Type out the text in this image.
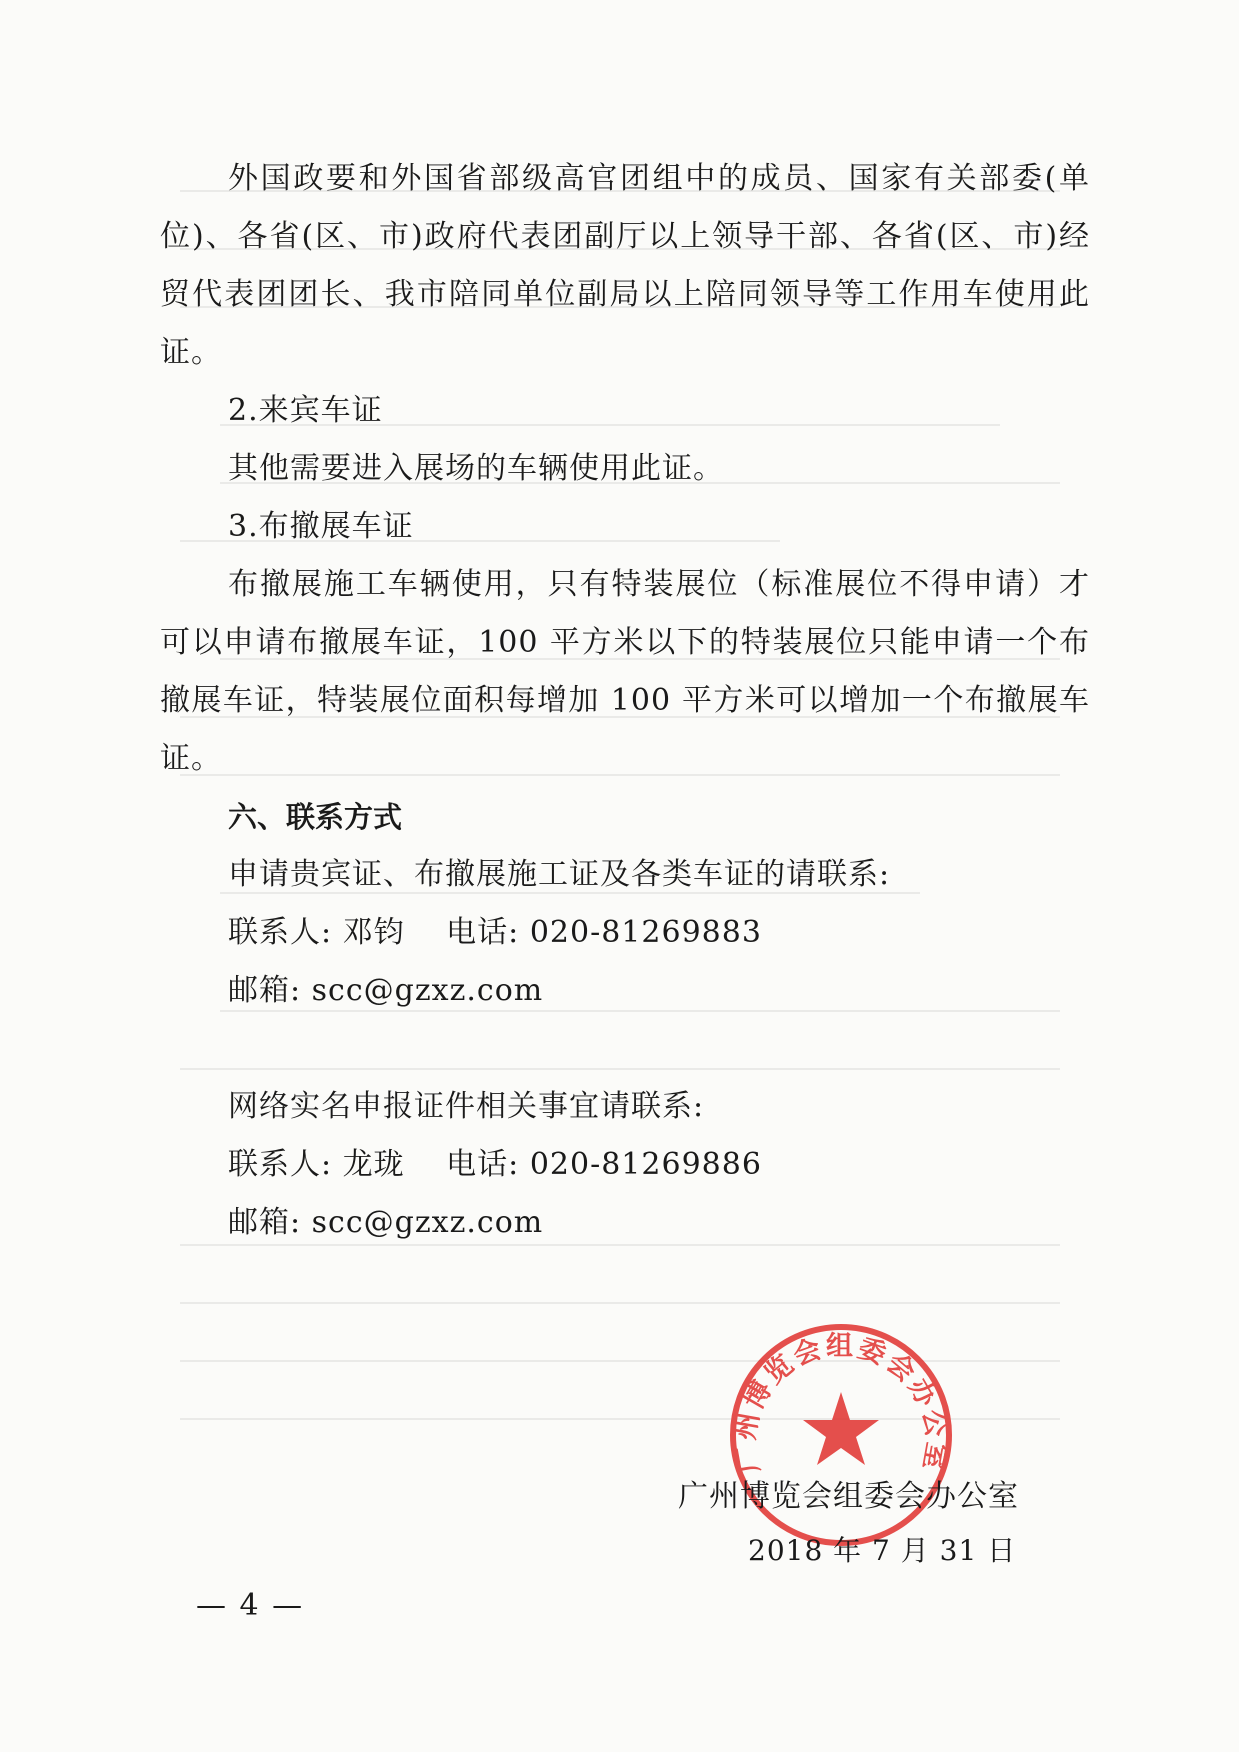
外国政要和外国省部级高官团组中的成员、国家有关部委(单位)、各省(区、市)政府代表团副厅以上领导干部、各省(区、市)经贸代表团团长、我市陪同单位副局以上陪同领导等工作用车使用此证。

2.来宾车证

其他需要进入展场的车辆使用此证。

3.布撤展车证

布撤展施工车辆使用，只有特装展位（标准展位不得申请）才可以申请布撤展车证，100 平方米以下的特装展位只能申请一个布撤展车证，特装展位面积每增加 100 平方米可以增加一个布撤展车证。

六、联系方式

申请贵宾证、布撤展施工证及各类车证的请联系:

联系人: 邓钧　 电话: 020-81269883

邮箱: scc@gzxz.com

网络实名申报证件相关事宜请联系:

联系人: 龙珑　 电话: 020-81269886

邮箱: scc@gzxz.com

广州博览会组委会办公室
广州博览会组委会办公室
2018 年 7 月 31 日
— 4 —
